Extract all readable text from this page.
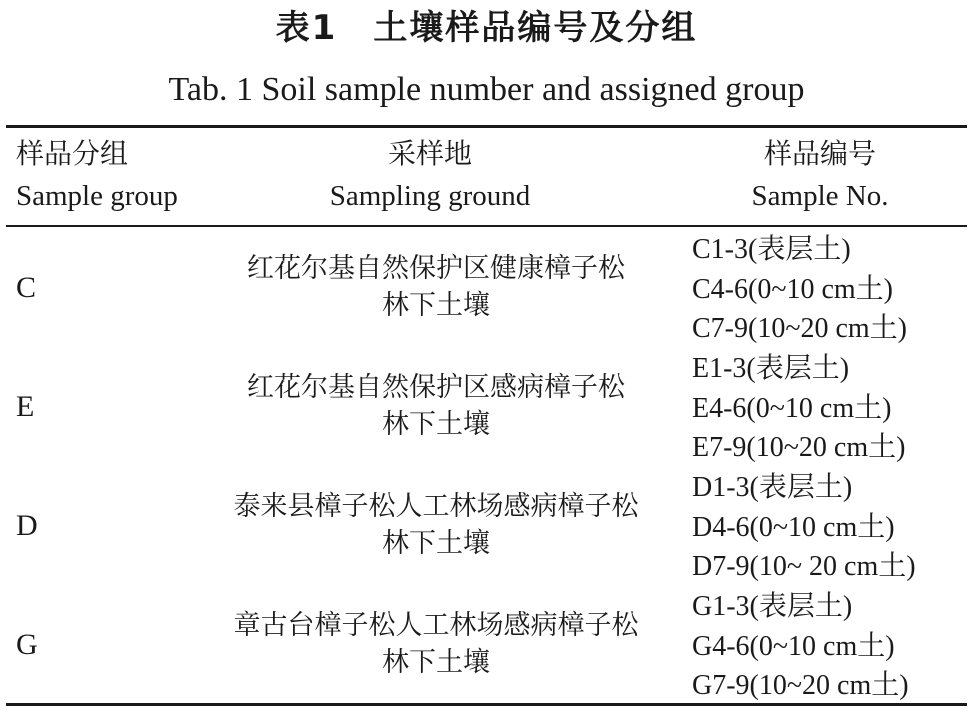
表1　土壤样品编号及分组
Tab. 1 Soil sample number and assigned group
样品分组
Sample group
采样地
Sampling ground
样品编号
Sample No.
C
红花尔基自然保护区健康樟子松
林下土壤
C1-3(表层土)
C4-6(0~10 cm土)
C7-9(10~20 cm土)
E
红花尔基自然保护区感病樟子松
林下土壤
E1-3(表层土)
E4-6(0~10 cm土)
E7-9(10~20 cm土)
D
泰来县樟子松人工林场感病樟子松
林下土壤
D1-3(表层土)
D4-6(0~10 cm土)
D7-9(10~ 20 cm土)
G
章古台樟子松人工林场感病樟子松
林下土壤
G1-3(表层土)
G4-6(0~10 cm土)
G7-9(10~20 cm土)
